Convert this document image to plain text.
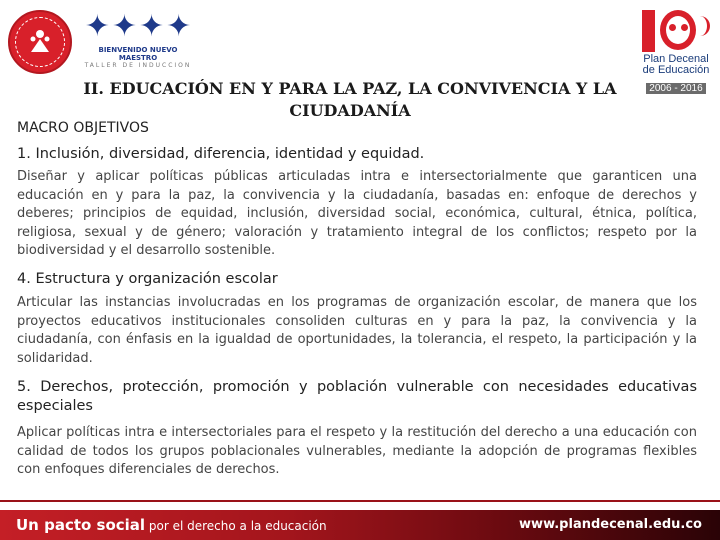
✦ ✦ ✦ ✦
BIENVENIDO NUEVO MAESTRO
TALLER DE INDUCCION
Plan Decenal
de Educación
2006 - 2016
II. EDUCACIÓN EN Y PARA LA PAZ, LA CONVIVENCIA Y LA CIUDADANÍA
MACRO OBJETIVOS
1. Inclusión, diversidad, diferencia, identidad y equidad.
Diseñar y aplicar políticas públicas articuladas intra e intersectorialmente que garanticen una educación en y para la paz, la convivencia y la ciudadanía, basadas en: enfoque de derechos y deberes; principios de equidad, inclusión, diversidad social, económica, cultural, étnica, política, religiosa, sexual y de género; valoración y tratamiento integral de los conflictos; respeto por la biodiversidad y el desarrollo sostenible.
4. Estructura y organización escolar
Articular las instancias involucradas en los programas de organización escolar, de manera que los proyectos educativos institucionales consoliden culturas en y para la paz, la convivencia y la ciudadanía, con énfasis en la igualdad de oportunidades, la tolerancia, el respeto, la participación y la solidaridad.
5. Derechos, protección, promoción y población vulnerable con necesidades educativas especiales
Aplicar políticas intra e intersectoriales para el respeto y la restitución del derecho a una educación con calidad de todos los grupos poblacionales vulnerables, mediante la adopción de programas flexibles con enfoques diferenciales de derechos.
Un pacto social por el derecho a la educación	www.plandecenal.edu.co
